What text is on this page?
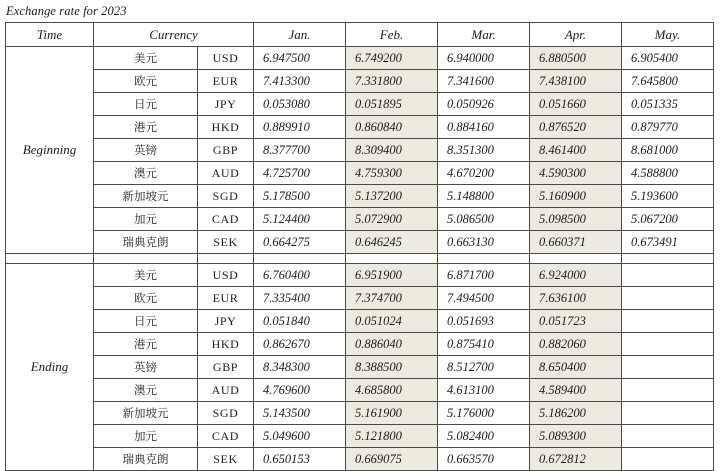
Exchange rate for 2023
Time	Currency		Jan.	Feb.	Mar.	Apr.	May.
Beginning	美元	USD	6.947500	6.749200	6.940000	6.880500	6.905400
	欧元	EUR	7.413300	7.331800	7.341600	7.438100	7.645800
	日元	JPY	0.053080	0.051895	0.050926	0.051660	0.051335
	港元	HKD	0.889910	0.860840	0.884160	0.876520	0.879770
	英镑	GBP	8.377700	8.309400	8.351300	8.461400	8.681000
	澳元	AUD	4.725700	4.759300	4.670200	4.590300	4.588800
	新加坡元	SGD	5.178500	5.137200	5.148800	5.160900	5.193600
	加元	CAD	5.124400	5.072900	5.086500	5.098500	5.067200
	瑞典克朗	SEK	0.664275	0.646245	0.663130	0.660371	0.673491

Ending	美元	USD	6.760400	6.951900	6.871700	6.924000	
	欧元	EUR	7.335400	7.374700	7.494500	7.636100	
	日元	JPY	0.051840	0.051024	0.051693	0.051723	
	港元	HKD	0.862670	0.886040	0.875410	0.882060	
	英镑	GBP	8.348300	8.388500	8.512700	8.650400	
	澳元	AUD	4.769600	4.685800	4.613100	4.589400	
	新加坡元	SGD	5.143500	5.161900	5.176000	5.186200	
	加元	CAD	5.049600	5.121800	5.082400	5.089300	
	瑞典克朗	SEK	0.650153	0.669075	0.663570	0.672812	
